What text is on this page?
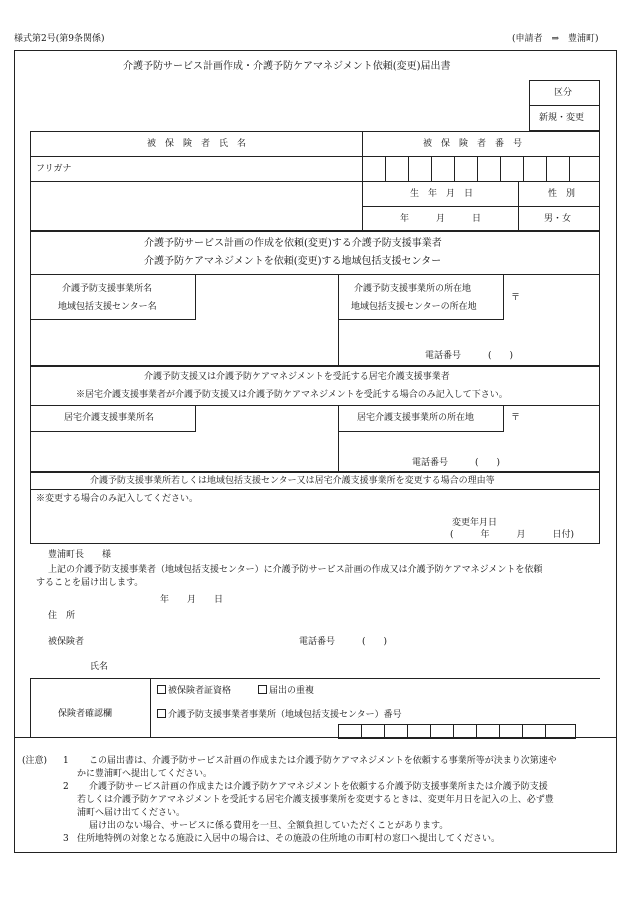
様式第2号(第9条関係)	(申請者　⇒　豊浦町)
介護予防サービス計画作成・介護予防ケアマネジメント依頼(変更)届出書
区分
新規・変更
被　保　険　者　氏　名	被　保　険　者　番　号
フリガナ
生　年　月　日	性　別
年　　　月　　　日	男・女
介護予防サービス計画の作成を依頼(変更)する介護予防支援事業者
介護予防ケアマネジメントを依頼(変更)する地域包括支援センター
介護予防支援事業所名
地域包括支援センター名
介護予防支援事業所の所在地
地域包括支援センターの所在地
〒
電話番号　　　(　　)
介護予防支援又は介護予防ケアマネジメントを受託する居宅介護支援事業者
※居宅介護支援事業者が介護予防支援又は介護予防ケアマネジメントを受託する場合のみ記入して下さい。
居宅介護支援事業所名	居宅介護支援事業所の所在地	〒
電話番号　　　(　　)
介護予防支援事業所若しくは地域包括支援センター又は居宅介護支援事業所を変更する場合の理由等
※変更する場合のみ記入してください。
変更年月日
(　　　年　　　月　　　日付)
豊浦町長　　様
上記の介護予防支援事業者（地域包括支援センター）に介護予防サービス計画の作成又は介護予防ケアマネジメントを依頼
することを届け出します。
年　　月　　日
住　所
被保険者	電話番号　　　(　　)
氏名
保険者確認欄
被保険者証資格	届出の重複
介護予防支援事業者事業所（地域包括支援センター）番号
(注意) 1 この届出書は、介護予防サービス計画の作成または介護予防ケアマネジメントを依頼する事業所等が決まり次第速や
かに豊浦町へ提出してください。
2 介護予防サービス計画の作成または介護予防ケアマネジメントを依頼する介護予防支援事業所または介護予防支援
若しくは介護予防ケアマネジメントを受託する居宅介護支援事業所を変更するときは、変更年月日を記入の上、必ず豊
浦町へ届け出てください。
届け出のない場合、サービスに係る費用を一旦、全額負担していただくことがあります。
3 住所地特例の対象となる施設に入居中の場合は、その施設の住所地の市町村の窓口へ提出してください。
